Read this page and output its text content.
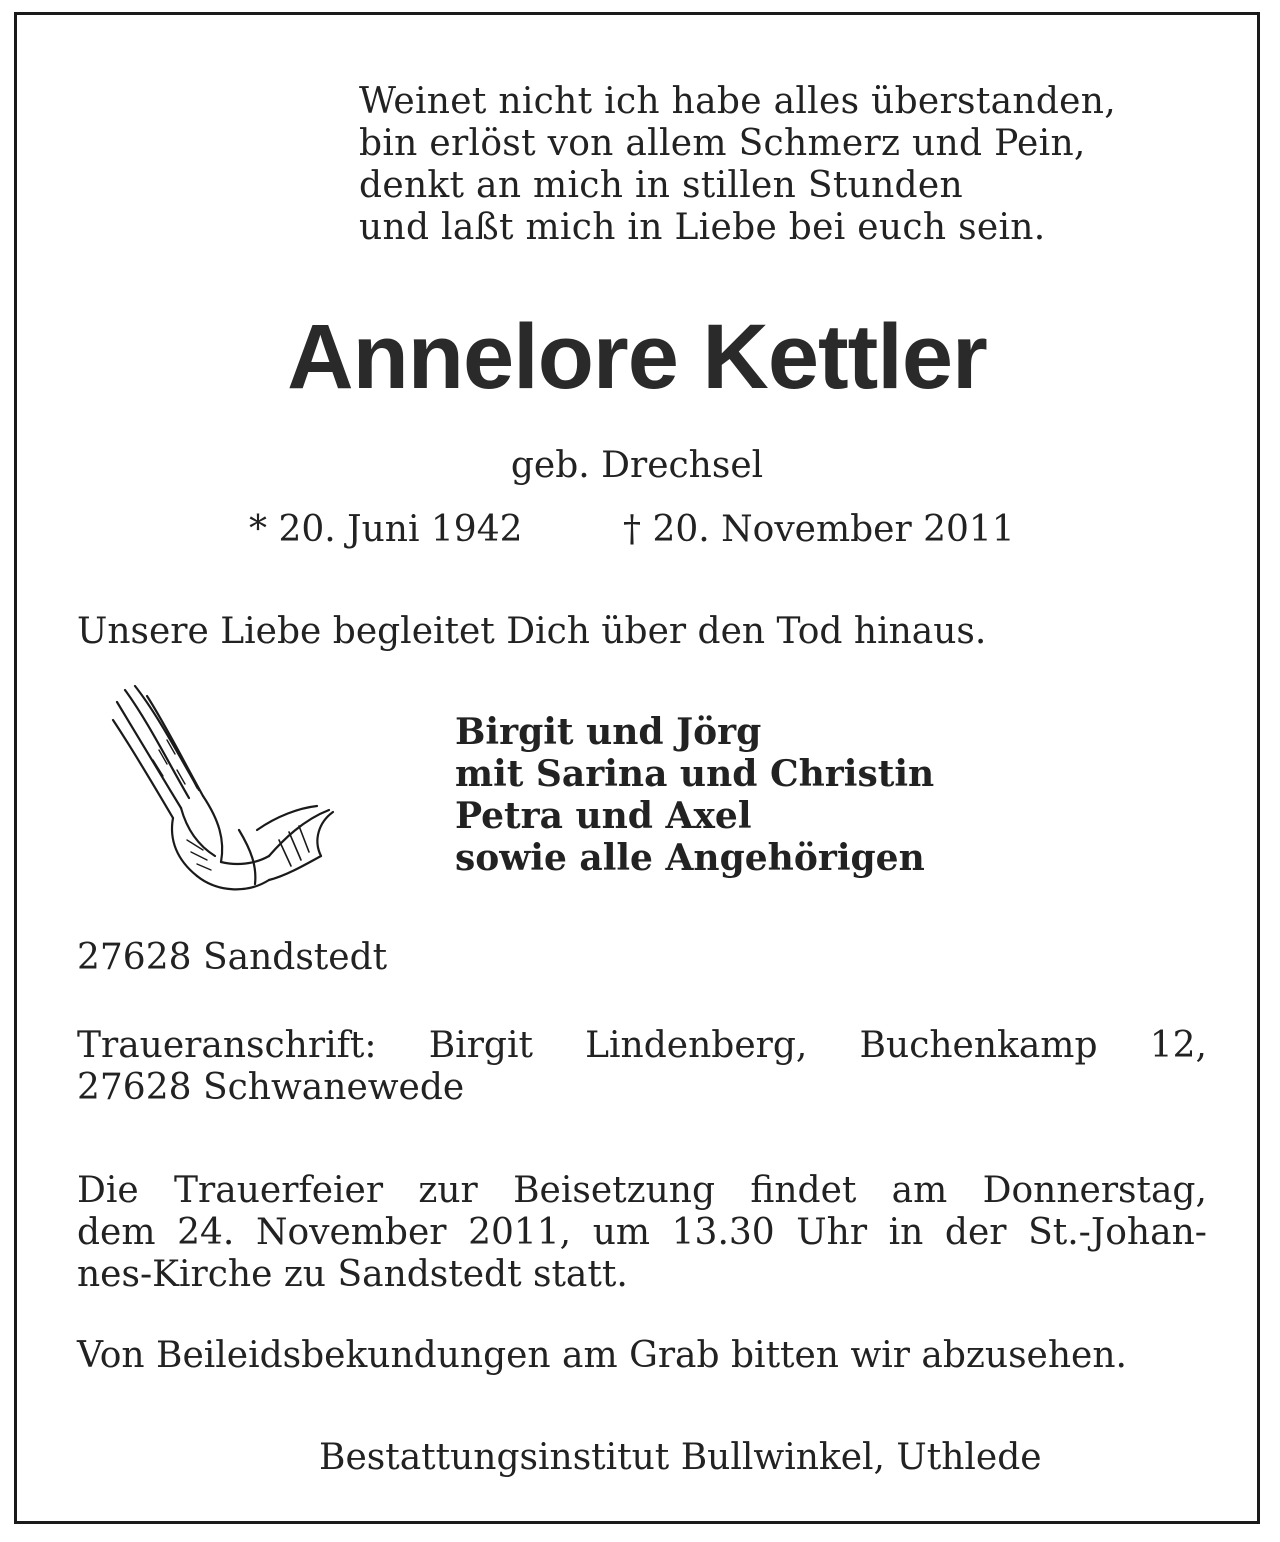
Weinet nicht ich habe alles überstanden,
bin erlöst von allem Schmerz und Pein,
denkt an mich in stillen Stunden
und laßt mich in Liebe bei euch sein.
Annelore Kettler
geb. Drechsel
* 20. Juni 1942	† 20. November 2011
Unsere Liebe begleitet Dich über den Tod hinaus.
Birgit und Jörg
mit Sarina und Christin
Petra und Axel
sowie alle Angehörigen
27628 Sandstedt
Traueranschrift: Birgit Lindenberg, Buchenkamp 12,
27628 Schwanewede
Die Trauerfeier zur Beisetzung findet am Donnerstag,
dem 24. November 2011, um 13.30 Uhr in der St.-Johan-
nes-Kirche zu Sandstedt statt.
Von Beileidsbekundungen am Grab bitten wir abzusehen.
Bestattungsinstitut Bullwinkel, Uthlede
